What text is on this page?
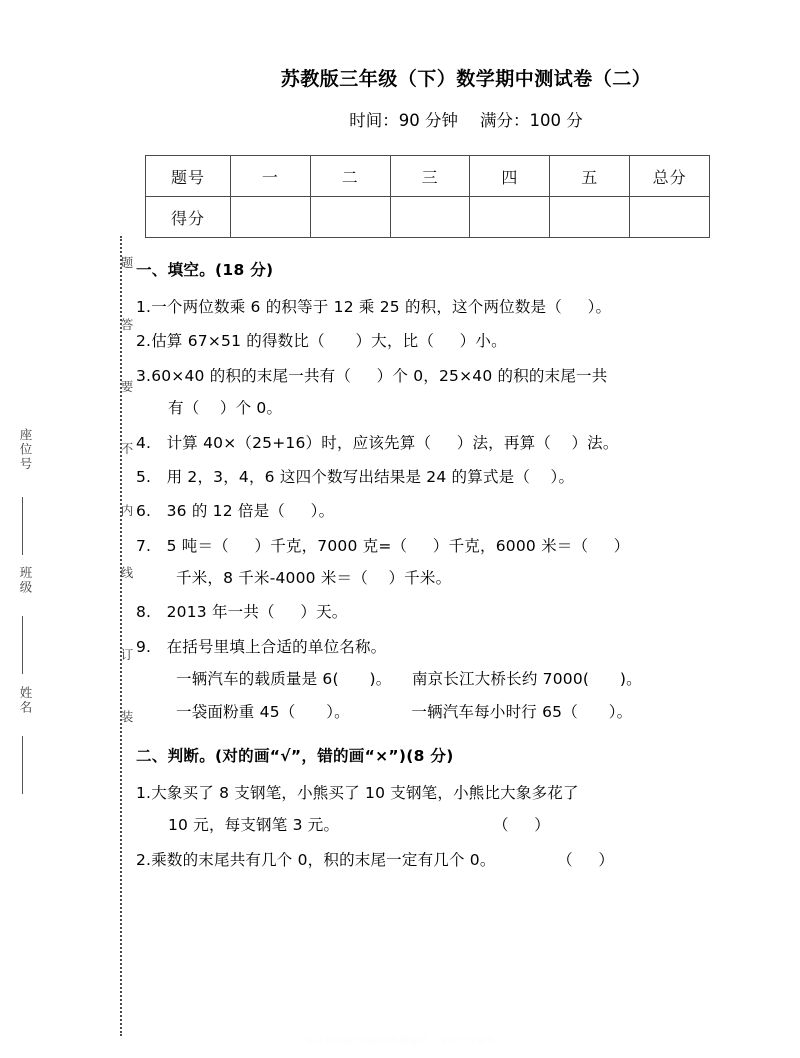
座位号
班级
姓名
题
答
要
不
内
线
订
装
苏教版三年级（下）数学期中测试卷（二）
时间：90 分钟 满分：100 分
题号	一	二	三	四	五	总分
得分						
一、填空。(18 分)
1.一个两位数乘 6 的积等于 12 乘 25 的积，这个两位数是（     ）。
2.估算 67×51 的得数比（      ）大，比（     ）小。
3.60×40 的积的末尾一共有（     ）个 0，25×40 的积的末尾一共
有（    ）个 0。
4.   计算 40×（25+16）时，应该先算（     ）法，再算（    ）法。
5.   用 2，3，4，6 这四个数写出结果是 24 的算式是（    ）。
6.   36 的 12 倍是（     ）。
7.   5 吨＝（     ）千克，7000 克=（     ）千克，6000 米＝（     ）
千米，8 千米-4000 米＝（    ）千米。
8.   2013 年一共（     ）天。
9.   在括号里填上合适的单位名称。
一辆汽车的载质量是 6(      )。    南京长江大桥长约 7000(      )。
一袋面粉重 45（      ）。            一辆汽车每小时行 65（      ）。
二、判断。(对的画“√”，错的画“×”)(8 分)
1.大象买了 8 支钢笔，小熊买了 10 支钢笔，小熊比大象多花了
10 元，每支钢笔 3 元。                              （     ）
2.乘数的末尾共有几个 0，积的末尾一定有几个 0。            （     ）
本试卷由教学资源网整理提供，仅供学习参考
